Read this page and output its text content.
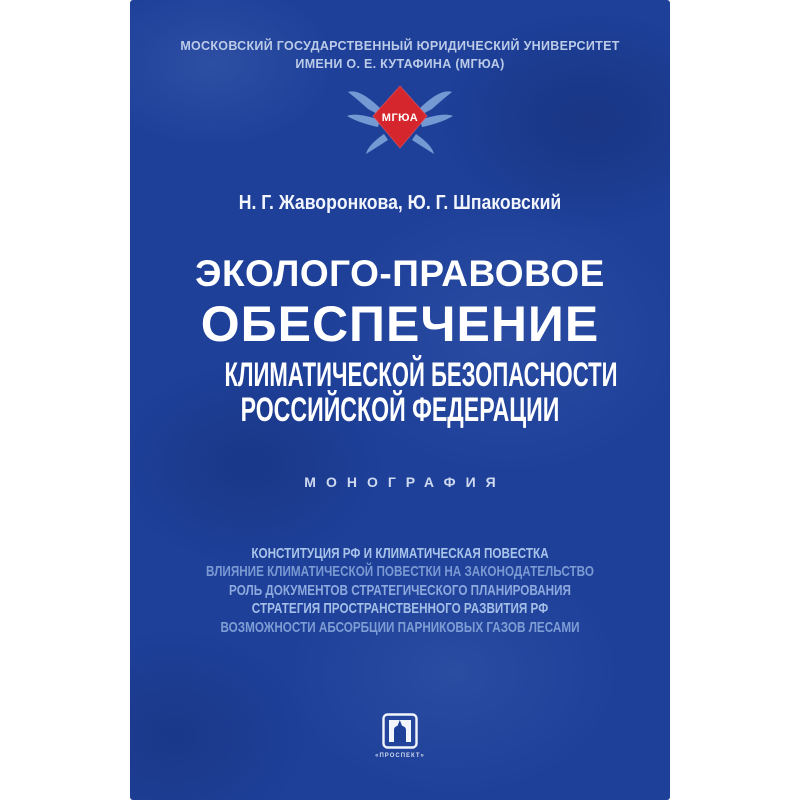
МОСКОВСКИЙ ГОСУДАРСТВЕННЫЙ ЮРИДИЧЕСКИЙ УНИВЕРСИТЕТ
ИМЕНИ О. Е. КУТАФИНА (МГЮА)
МГЮА
Н. Г. Жаворонкова, Ю. Г. Шпаковский
ЭКОЛОГО-ПРАВОВОЕ
ОБЕСПЕЧЕНИЕ
КЛИМАТИЧЕСКОЙ БЕЗОПАСНОСТИ
РОССИЙСКОЙ ФЕДЕРАЦИИ
МОНОГРАФИЯ
КОНСТИТУЦИЯ РФ И КЛИМАТИЧЕСКАЯ ПОВЕСТКА
ВЛИЯНИЕ КЛИМАТИЧЕСКОЙ ПОВЕСТКИ НА ЗАКОНОДАТЕЛЬСТВО
РОЛЬ ДОКУМЕНТОВ СТРАТЕГИЧЕСКОГО ПЛАНИРОВАНИЯ
СТРАТЕГИЯ ПРОСТРАНСТВЕННОГО РАЗВИТИЯ РФ
ВОЗМОЖНОСТИ АБСОРБЦИИ ПАРНИКОВЫХ ГАЗОВ ЛЕСАМИ
«ПРОСПЕКТ»
